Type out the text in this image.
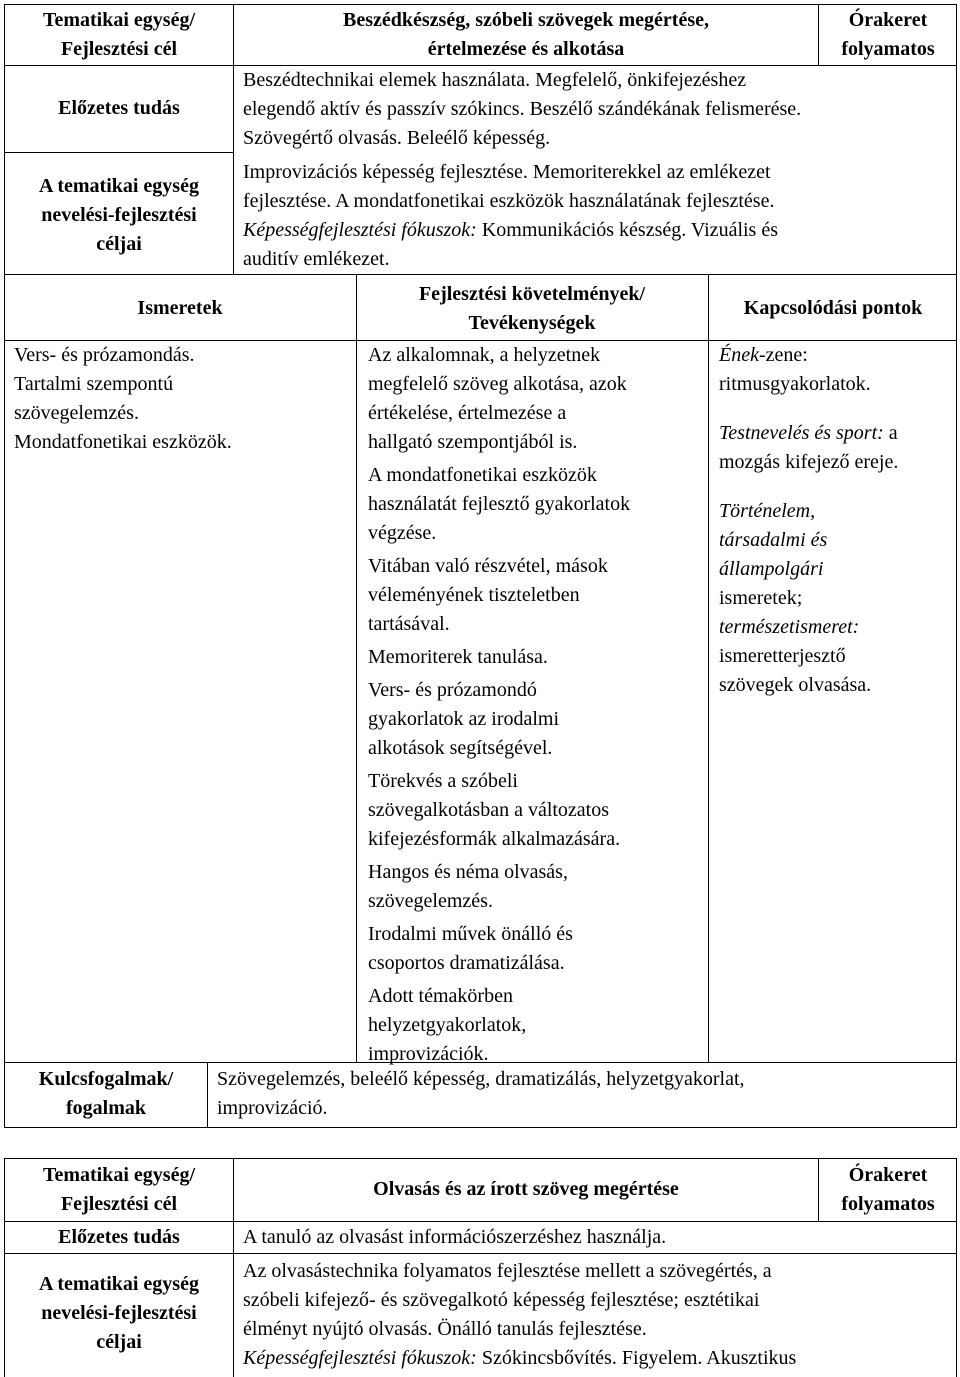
Tematikai egység/

Fejlesztési cél

Beszédkészség, szóbeli szövegek megértése,

értelmezése és alkotása

Órakeret

folyamatos

Előzetes tudás

Beszédtechnikai elemek használata. Megfelelő, önkifejezéshez

elegendő aktív és passzív szókincs. Beszélő szándékának felismerése.

Szövegértő olvasás. Beleélő képesség.

A tematikai egység

nevelési-fejlesztési

céljai

Improvizációs képesség fejlesztése. Memoriterekkel az emlékezet

fejlesztése. A mondatfonetikai eszközök használatának fejlesztése.

Képességfejlesztési fókuszok: Kommunikációs készség. Vizuális és

auditív emlékezet.

Ismeretek

Fejlesztési követelmények/

Tevékenységek

Kapcsolódási pontok

Vers- és prózamondás.

Tartalmi szempontú

szövegelemzés.

Mondatfonetikai eszközök.

Az alkalomnak, a helyzetnek

megfelelő szöveg alkotása, azok

értékelése, értelmezése a

hallgató szempontjából is.

A mondatfonetikai eszközök

használatát fejlesztő gyakorlatok

végzése.

Vitában való részvétel, mások

véleményének tiszteletben

tartásával.

Memoriterek tanulása.

Vers- és prózamondó

gyakorlatok az irodalmi

alkotások segítségével.

Törekvés a szóbeli

szövegalkotásban a változatos

kifejezésformák alkalmazására.

Hangos és néma olvasás,

szövegelemzés.

Irodalmi művek önálló és

csoportos dramatizálása.

Adott témakörben

helyzetgyakorlatok,

improvizációk.

Ének-zene:

ritmusgyakorlatok.

Testnevelés és sport: a

mozgás kifejező ereje.

Történelem,

társadalmi és

állampolgári

ismeretek;

természetismeret:

ismeretterjesztő

szövegek olvasása.

Kulcsfogalmak/

fogalmak

Szövegelemzés, beleélő képesség, dramatizálás, helyzetgyakorlat,

improvizáció.

Tematikai egység/

Fejlesztési cél

Olvasás és az írott szöveg megértése

Órakeret

folyamatos

Előzetes tudás	A tanuló az olvasást információszerzéshez használja.

A tematikai egység

nevelési-fejlesztési

céljai

Az olvasástechnika folyamatos fejlesztése mellett a szövegértés, a

szóbeli kifejező- és szövegalkotó képesség fejlesztése; esztétikai

élményt nyújtó olvasás. Önálló tanulás fejlesztése.

Képességfejlesztési fókuszok: Szókincsbővítés. Figyelem. Akusztikus
